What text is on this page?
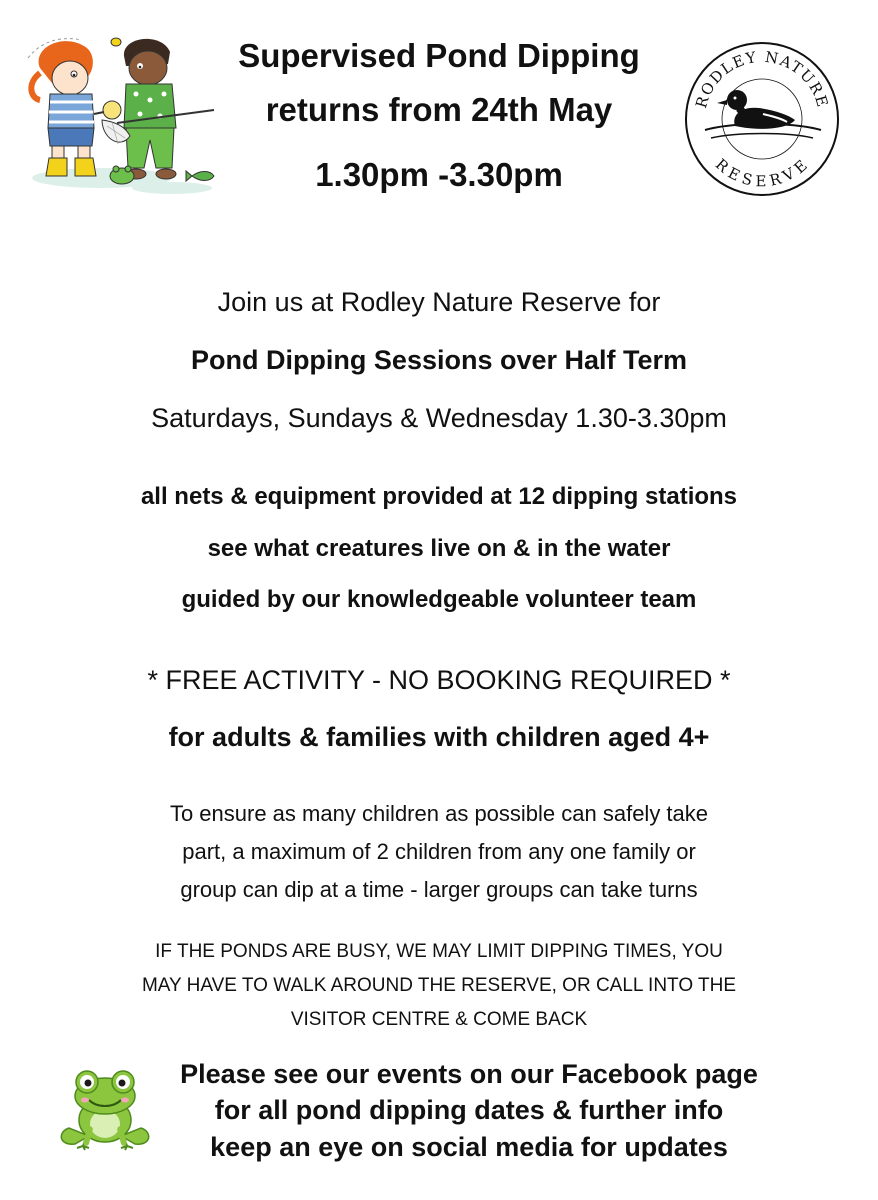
Supervised Pond Dipping
returns from 24th May
1.30pm -3.30pm
RODLEY NATURE
RESERVE
Join us at Rodley Nature Reserve for
Pond Dipping Sessions over Half Term
Saturdays, Sundays & Wednesday 1.30-3.30pm
all nets & equipment provided at 12 dipping stations
see what creatures live on & in the water
guided by our knowledgeable volunteer team
* FREE ACTIVITY - NO BOOKING REQUIRED *
for adults & families with children aged 4+
To ensure as many children as possible can safely take
part, a maximum of 2 children from any one family or
group can dip at a time - larger groups can take turns
IF THE PONDS ARE BUSY, WE MAY LIMIT DIPPING TIMES, YOU
MAY HAVE TO WALK AROUND THE RESERVE, OR CALL INTO THE
VISITOR CENTRE & COME BACK
Please see our events on our Facebook page
for all pond dipping dates & further info
keep an eye on social media for updates
